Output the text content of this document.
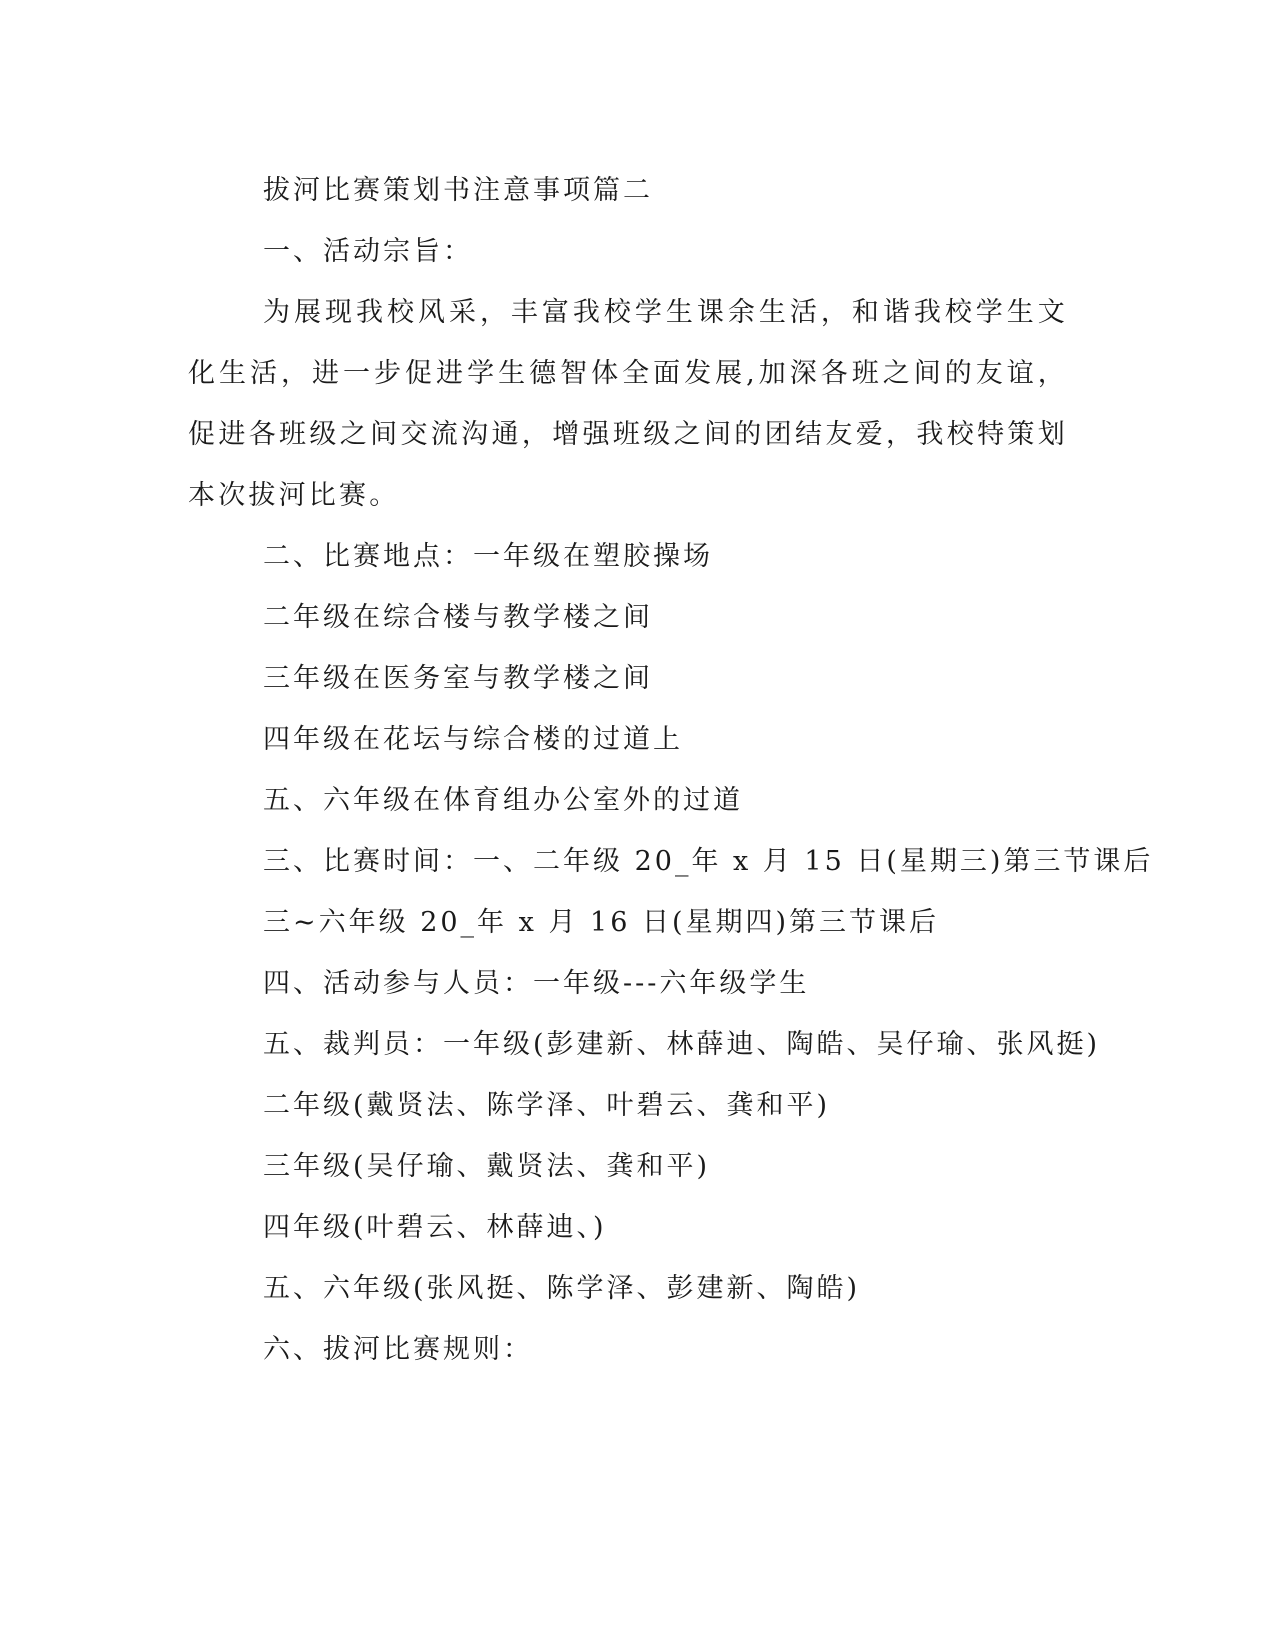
拔河比赛策划书注意事项篇二
一、活动宗旨：

为展现我校风采，丰富我校学生课余生活，和谐我校学生文化生活，进一步促进学生德智体全面发展,加深各班之间的友谊，促进各班级之间交流沟通，增强班级之间的团结友爱，我校特策划本次拔河比赛。

二、比赛地点：一年级在塑胶操场
二年级在综合楼与教学楼之间
三年级在医务室与教学楼之间
四年级在花坛与综合楼的过道上
五、六年级在体育组办公室外的过道
三、比赛时间：一、二年级 20_年 x 月 15 日(星期三)第三节课后
三~六年级 20_年 x 月 16 日(星期四)第三节课后
四、活动参与人员：一年级---六年级学生
五、裁判员：一年级(彭建新、林薛迪、陶皓、吴仔瑜、张风挺)
二年级(戴贤法、陈学泽、叶碧云、龚和平)
三年级(吴仔瑜、戴贤法、龚和平)
四年级(叶碧云、林薛迪、)
五、六年级(张风挺、陈学泽、彭建新、陶皓)
六、拔河比赛规则：
